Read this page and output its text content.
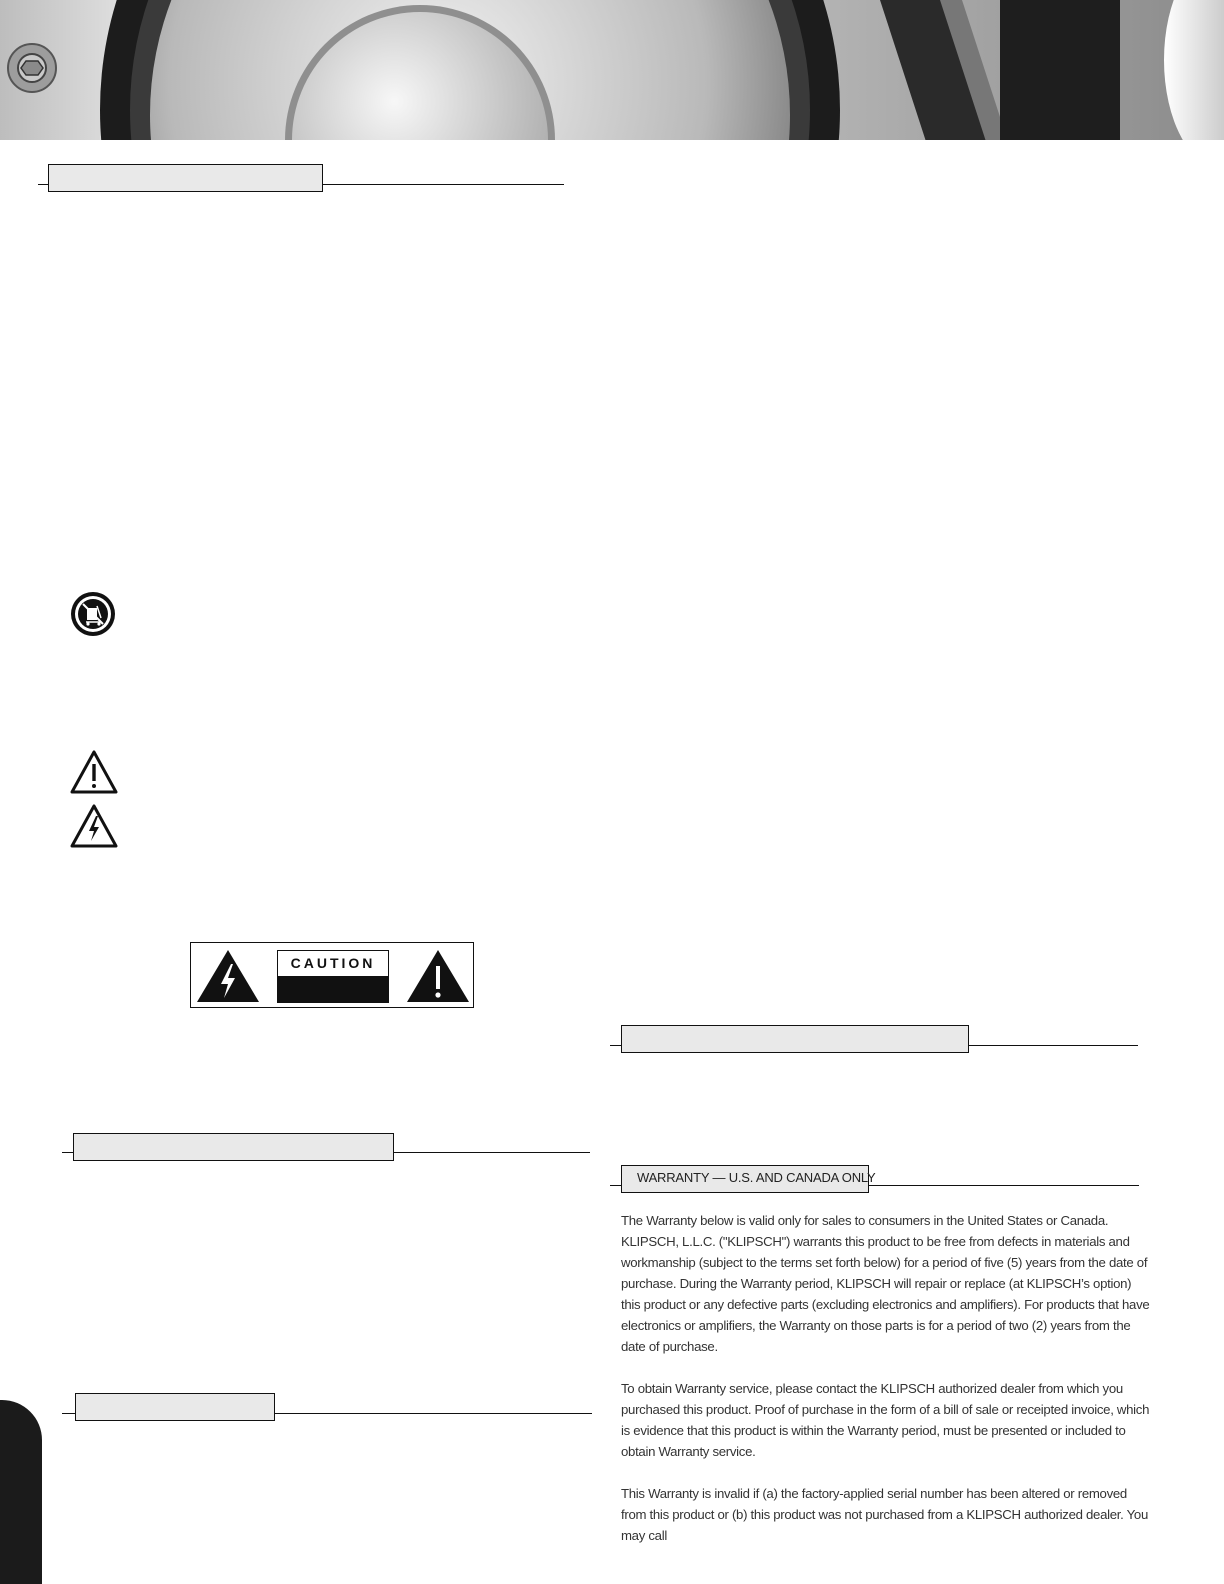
CAUTION
WARRANTY — U.S. AND CANADA ONLY

The Warranty below is valid only for sales to consumers in the United States or Canada. KLIPSCH, L.L.C. ("KLIPSCH") warrants this product to be free from defects in materials and workmanship (subject to the terms set forth below) for a period of five (5) years from the date of purchase. During the Warranty period, KLIPSCH will repair or replace (at KLIPSCH’s option) this product or any defective parts (excluding electronics and amplifiers). For products that have electronics or amplifiers, the Warranty on those parts is for a period of two (2) years from the date of purchase.

To obtain Warranty service, please contact the KLIPSCH authorized dealer from which you purchased this product. Proof of purchase in the form of a bill of sale or receipted invoice, which is evidence that this product is within the Warranty period, must be presented or included to obtain Warranty service.

This Warranty is invalid if (a) the factory-applied serial number has been altered or removed from this product or (b) this product was not purchased from a KLIPSCH authorized dealer. You may call
